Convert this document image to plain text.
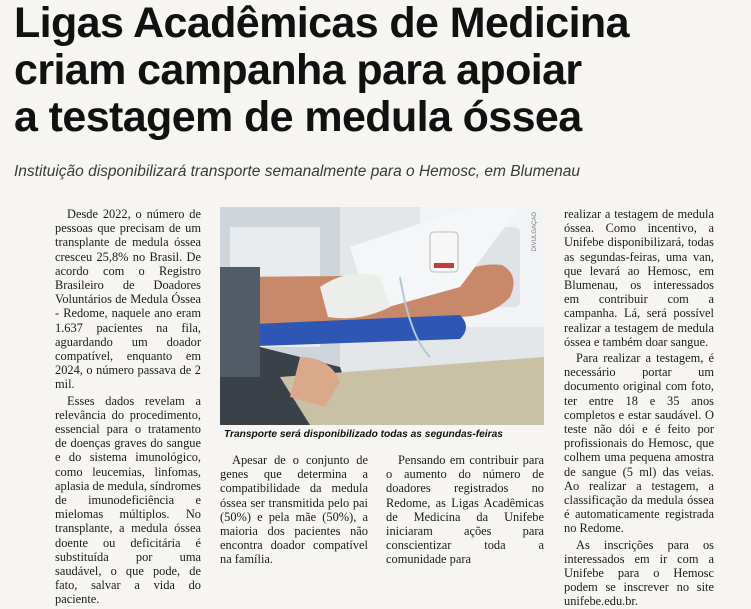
Ligas Acadêmicas de Medicina
criam campanha para apoiar
a testagem de medula óssea
Instituição disponibilizará transporte semanalmente para o Hemosc, em Blumenau

Desde 2022, o número de pessoas que precisam de um transplante de medula óssea cresceu 25,8% no Brasil. De acordo com o Registro Brasileiro de Doadores Voluntários de Medula Óssea - Redome, naquele ano eram 1.637 pacientes na fila, aguardando um doador compatível, enquanto em 2024, o número passava de 2 mil.

Esses dados revelam a relevância do procedimento, essencial para o tratamento de doenças graves do sangue e do sistema imunológico, como leucemias, linfomas, aplasia de medula, síndromes de imunodeficiência e mielomas múltiplos. No transplante, a medula óssea doente ou deficitária é substituída por uma saudável, o que pode, de fato, salvar a vida do paciente.

DIVULGAÇÃO
Transporte será disponibilizado todas as segundas-feiras

Apesar de o conjunto de genes que determina a compatibilidade da medula óssea ser transmitida pelo pai (50%) e pela mãe (50%), a maioria dos pacientes não encontra doador compatível na família.

Pensando em contribuir para o aumento do número de doadores registrados no Redome, as Ligas Acadêmicas de Medicina da Unifebe iniciaram ações para conscientizar toda a comunidade para

realizar a testagem de medula óssea. Como incentivo, a Unifebe disponibilizará, todas as segundas-feiras, uma van, que levará ao Hemosc, em Blumenau, os interessados em contribuir com a campanha. Lá, será possível realizar a testagem de medula óssea e também doar sangue.

Para realizar a testagem, é necessário portar um documento original com foto, ter entre 18 e 35 anos completos e estar saudável. O teste não dói e é feito por profissionais do Hemosc, que colhem uma pequena amostra de sangue (5 ml) das veias. Ao realizar a testagem, a classificação da medula óssea é automaticamente registrada no Redome.

As inscrições para os interessados em ir com a Unifebe para o Hemosc podem se inscrever no site unifebe.edu.br.
